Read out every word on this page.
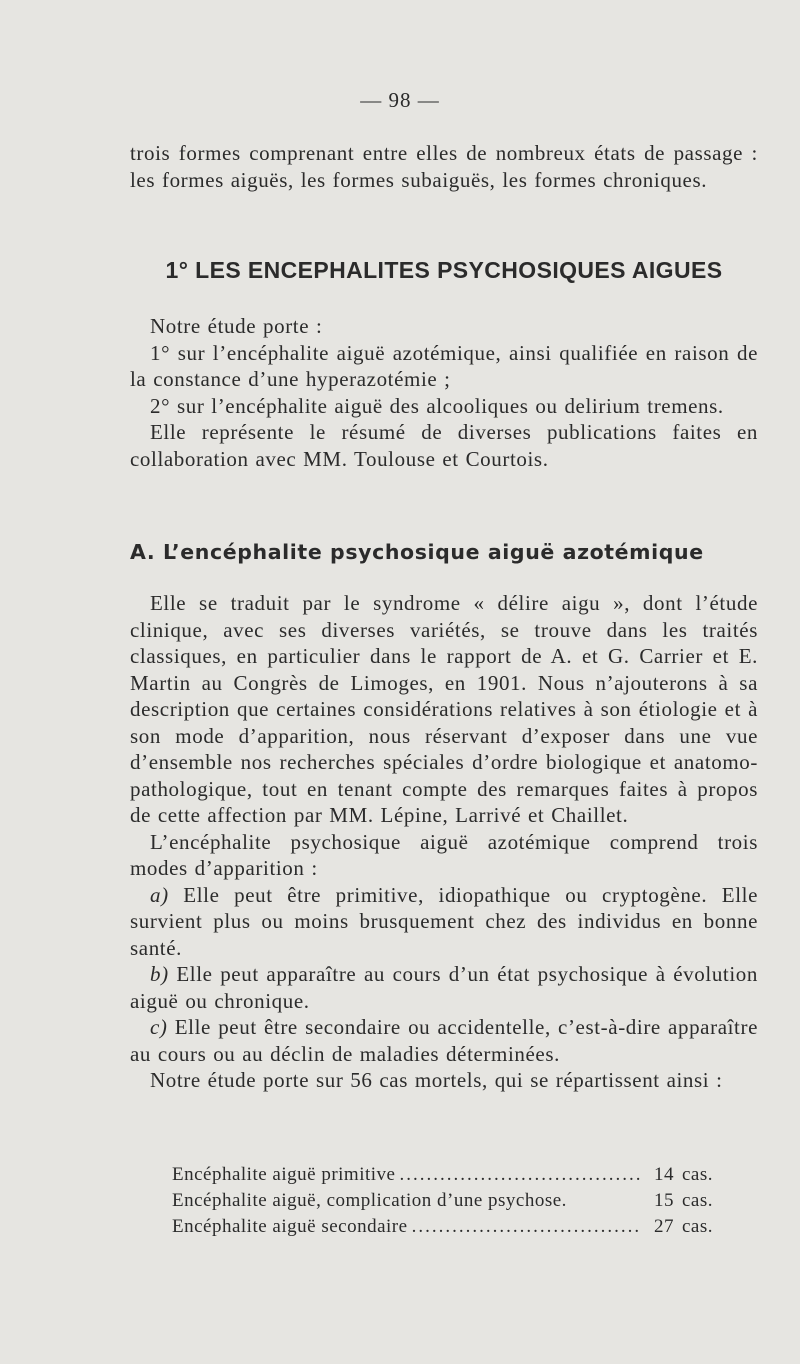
— 98 —

trois formes comprenant entre elles de nombreux états de passage : les formes aiguës, les formes subaiguës, les formes chroniques.

1° LES ENCEPHALITES PSYCHOSIQUES AIGUES

Notre étude porte :

1° sur l’encéphalite aiguë azotémique, ainsi qualifiée en raison de la constance d’une hyperazotémie ;

2° sur l’encéphalite aiguë des alcooliques ou delirium tremens.

Elle représente le résumé de diverses publications faites en collaboration avec MM. Toulouse et Courtois.

A. L’encéphalite psychosique aiguë azotémique

Elle se traduit par le syndrome « délire aigu », dont l’étude clinique, avec ses diverses variétés, se trouve dans les traités classiques, en particulier dans le rapport de A. et G. Carrier et E. Martin au Congrès de Limoges, en 1901. Nous n’ajouterons à sa description que certaines considérations relatives à son étiologie et à son mode d’apparition, nous réservant d’exposer dans une vue d’ensemble nos recherches spéciales d’ordre biologique et anatomo-pathologique, tout en tenant compte des remarques faites à propos de cette affection par MM. Lépine, Larrivé et Chaillet.

L’encéphalite psychosique aiguë azotémique comprend trois modes d’apparition :

a) Elle peut être primitive, idiopathique ou cryptogène. Elle survient plus ou moins brusquement chez des individus en bonne santé.

b) Elle peut apparaître au cours d’un état psychosique à évolution aiguë ou chronique.

c) Elle peut être secondaire ou accidentelle, c’est-à-dire apparaître au cours ou au déclin de maladies déterminées.

Notre étude porte sur 56 cas mortels, qui se répartissent ainsi :

Encéphalite aiguë primitive .....	14 cas.
Encéphalite aiguë, complication d’une psychose.	15 cas.
Encéphalite aiguë secondaire .....	27 cas.
